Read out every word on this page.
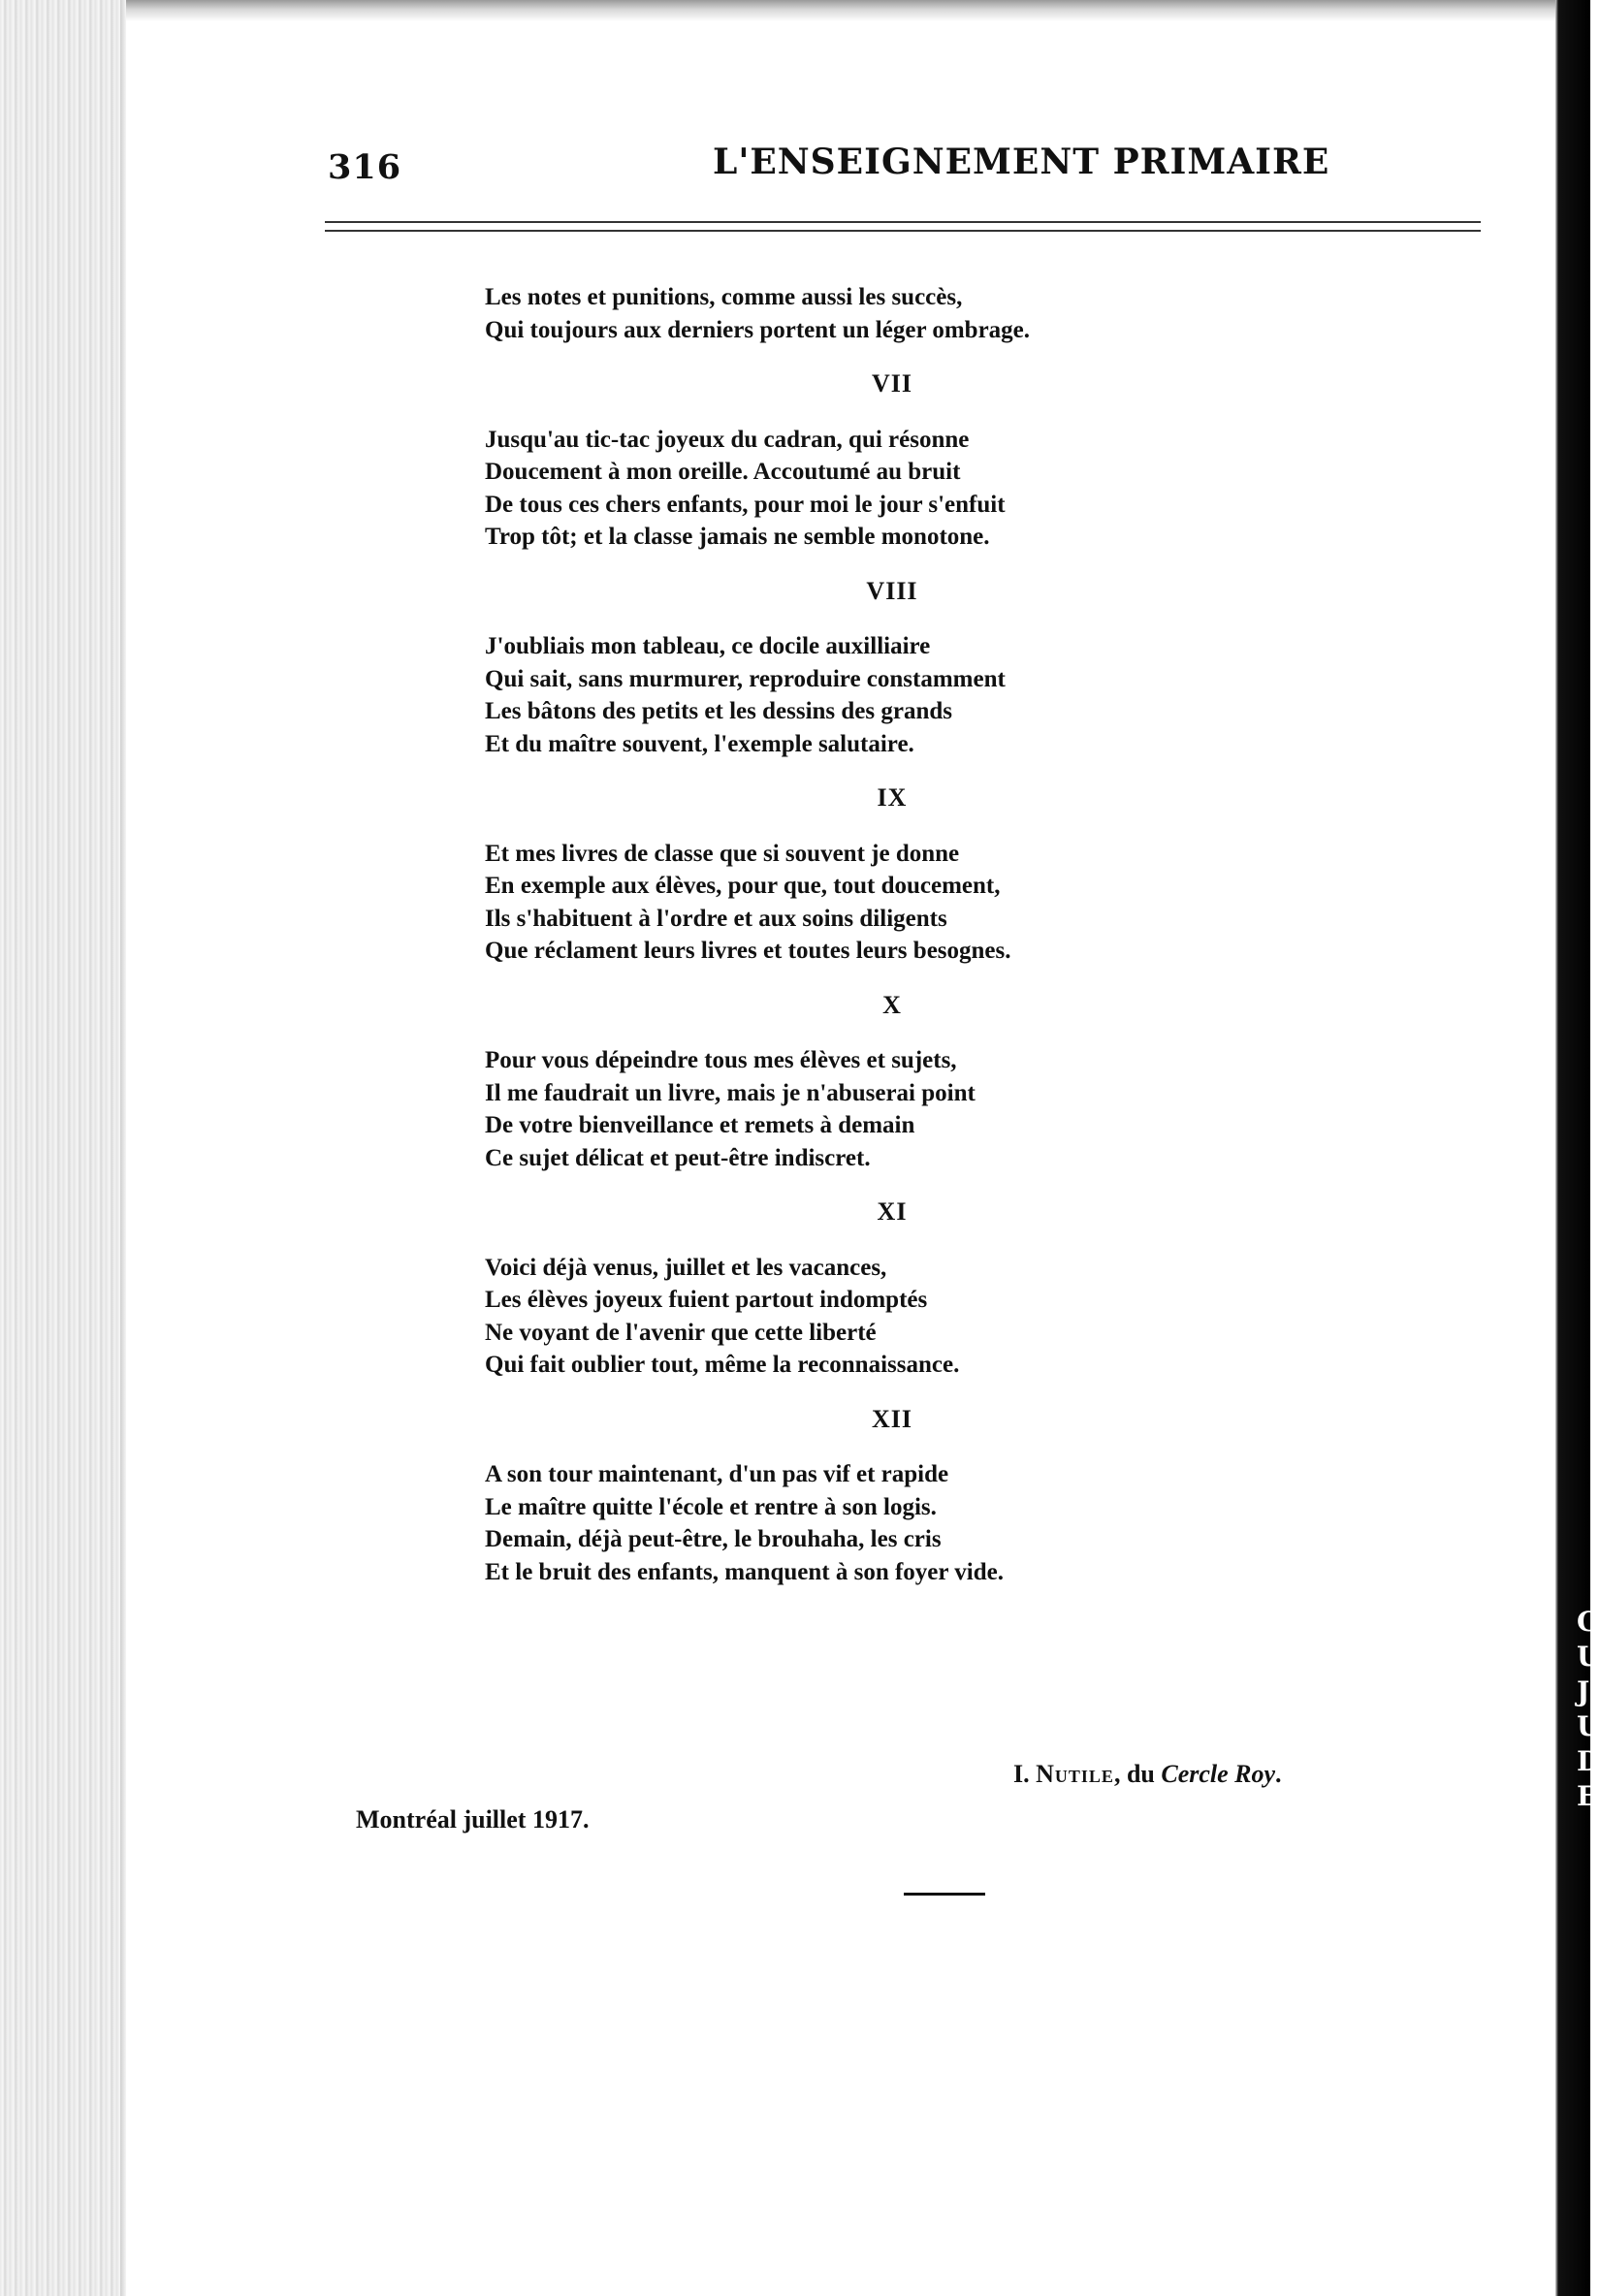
C
U
J
U
D
E
316	L'ENSEIGNEMENT PRIMAIRE
Les notes et punitions, comme aussi les succès,
Qui toujours aux derniers portent un léger ombrage.
VII
Jusqu'au tic-tac joyeux du cadran, qui résonne
Doucement à mon oreille. Accoutumé au bruit
De tous ces chers enfants, pour moi le jour s'enfuit
Trop tôt; et la classe jamais ne semble monotone.
VIII
J'oubliais mon tableau, ce docile auxilliaire
Qui sait, sans murmurer, reproduire constamment
Les bâtons des petits et les dessins des grands
Et du maître souvent, l'exemple salutaire.
IX
Et mes livres de classe que si souvent je donne
En exemple aux élèves, pour que, tout doucement,
Ils s'habituent à l'ordre et aux soins diligents
Que réclament leurs livres et toutes leurs besognes.
X
Pour vous dépeindre tous mes élèves et sujets,
Il me faudrait un livre, mais je n'abuserai point
De votre bienveillance et remets à demain
Ce sujet délicat et peut-être indiscret.
XI
Voici déjà venus, juillet et les vacances,
Les élèves joyeux fuient partout indomptés
Ne voyant de l'avenir que cette liberté
Qui fait oublier tout, même la reconnaissance.
XII
A son tour maintenant, d'un pas vif et rapide
Le maître quitte l'école et rentre à son logis.
Demain, déjà peut-être, le brouhaha, les cris
Et le bruit des enfants, manquent à son foyer vide.
I. Nutile, du Cercle Roy.
Montréal juillet 1917.
